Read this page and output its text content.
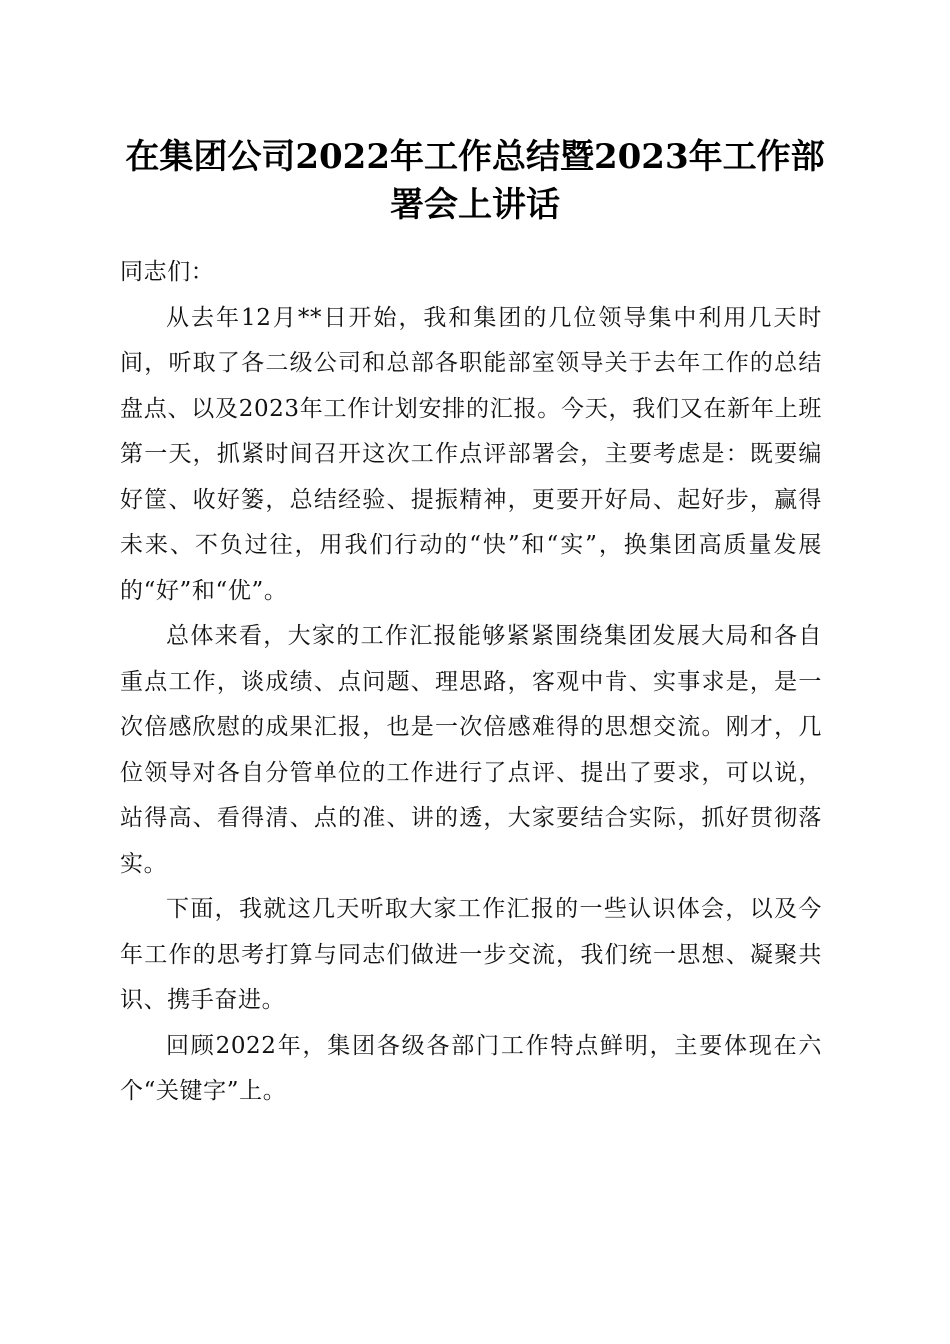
在集团公司2022年工作总结暨2023年工作部署会上讲话

同志们：

从去年12月**日开始，我和集团的几位领导集中利用几天时间，听取了各二级公司和总部各职能部室领导关于去年工作的总结盘点、以及2023年工作计划安排的汇报。今天，我们又在新年上班第一天，抓紧时间召开这次工作点评部署会，主要考虑是：既要编好筐、收好篓，总结经验、提振精神，更要开好局、起好步，赢得未来、不负过往，用我们行动的“快”和“实”，换集团高质量发展的“好”和“优”。

总体来看，大家的工作汇报能够紧紧围绕集团发展大局和各自重点工作，谈成绩、点问题、理思路，客观中肯、实事求是，是一次倍感欣慰的成果汇报，也是一次倍感难得的思想交流。刚才，几位领导对各自分管单位的工作进行了点评、提出了要求，可以说，站得高、看得清、点的准、讲的透，大家要结合实际，抓好贯彻落实。

下面，我就这几天听取大家工作汇报的一些认识体会，以及今年工作的思考打算与同志们做进一步交流，我们统一思想、凝聚共识、携手奋进。

回顾2022年，集团各级各部门工作特点鲜明，主要体现在六个“关键字”上。
